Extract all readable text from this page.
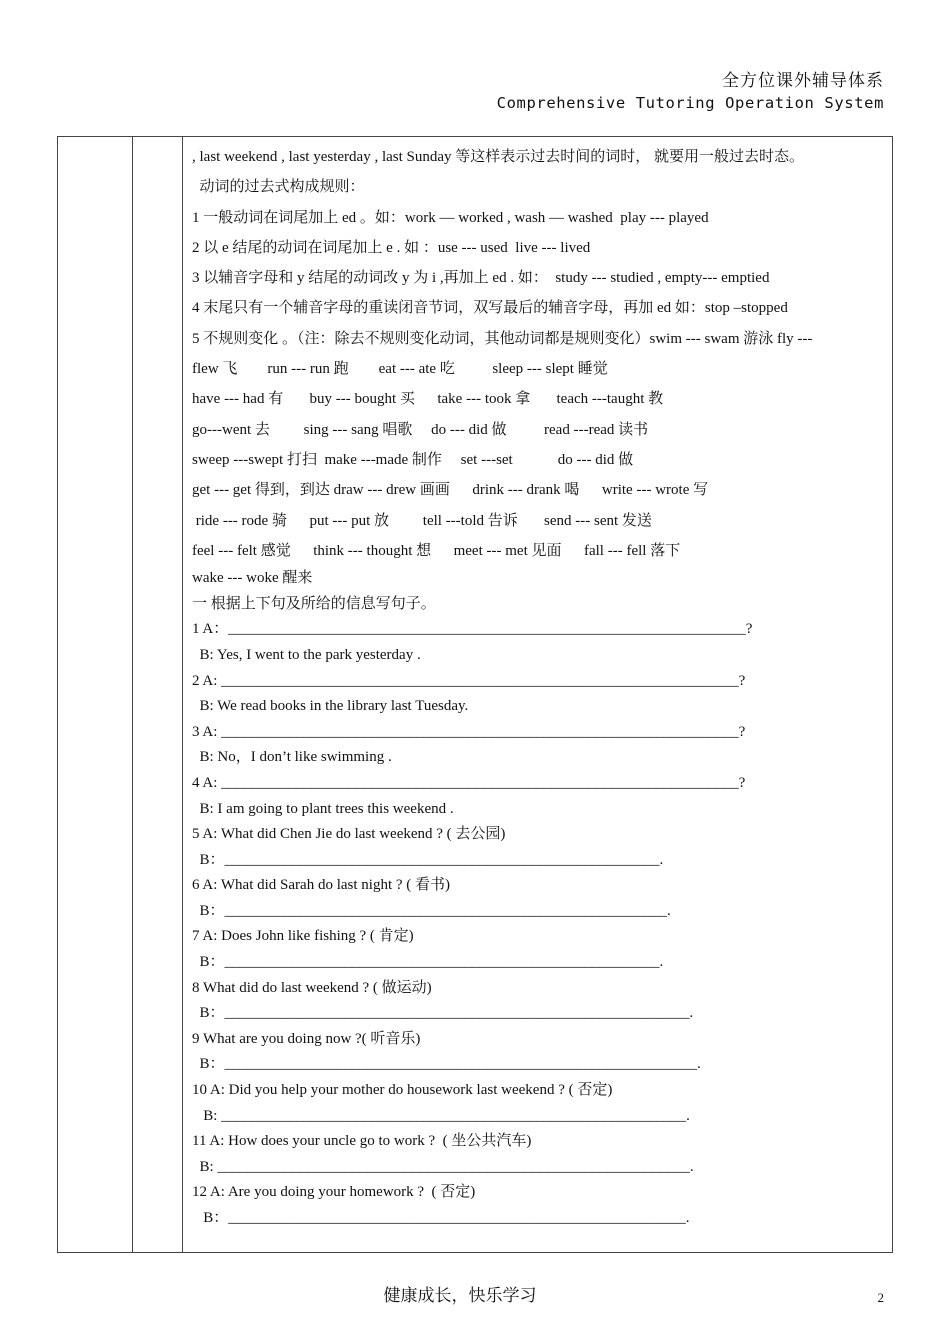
全方位课外辅导体系
Comprehensive Tutoring Operation System
, last weekend , last yesterday , last Sunday 等这样表示过去时间的词时， 就要用一般过去时态。
动词的过去式构成规则：
1 一般动词在词尾加上 ed 。如：work — worked , wash — washed  play --- played
2 以 e 结尾的动词在词尾加上 e . 如 ：use --- used  live --- lived
3 以辅音字母和 y 结尾的动词改 y 为 i ,再加上 ed . 如：  study --- studied , empty--- emptied
4 末尾只有一个辅音字母的重读闭音节词，双写最后的辅音字母，再加 ed 如：stop –stopped
5 不规则变化 。（注：除去不规则变化动词，其他动词都是规则变化）swim --- swam 游泳 fly ---
flew 飞        run --- run 跑        eat --- ate 吃          sleep --- slept 睡觉
have --- had 有       buy --- bought 买      take --- took 拿       teach ---taught 教
go---went 去         sing --- sang 唱歌     do --- did 做          read ---read 读书
sweep ---swept 打扫  make ---made 制作     set ---set            do --- did 做
get --- get 得到，到达 draw --- drew 画画      drink --- drank 喝      write --- wrote 写
ride --- rode 骑      put --- put 放         tell ---told 告诉       send --- sent 发送
feel --- felt 感觉      think --- thought 想      meet --- met 见面      fall --- fell 落下
wake --- woke 醒来
一 根据上下句及所给的信息写句子。
1 A：_____________________________________________________________________?
B: Yes, I went to the park yesterday .
2 A: _____________________________________________________________________?
B: We read books in the library last Tuesday.
3 A: _____________________________________________________________________?
B: No，I don’t like swimming .
4 A: _____________________________________________________________________?
B: I am going to plant trees this weekend .
5 A: What did Chen Jie do last weekend ? ( 去公园)
B：__________________________________________________________.
6 A: What did Sarah do last night ? ( 看书)
B：___________________________________________________________.
7 A: Does John like fishing ? ( 肯定)
B：__________________________________________________________.
8 What did do last weekend ? ( 做运动)
B：______________________________________________________________.
9 What are you doing now ?( 听音乐)
B：_______________________________________________________________.
10 A: Did you help your mother do housework last weekend ? ( 否定)
B: ______________________________________________________________.
11 A: How does your uncle go to work ?  ( 坐公共汽车)
B: _______________________________________________________________.
12 A: Are you doing your homework ?  ( 否定)
B：_____________________________________________________________.
健康成长，快乐学习	2
